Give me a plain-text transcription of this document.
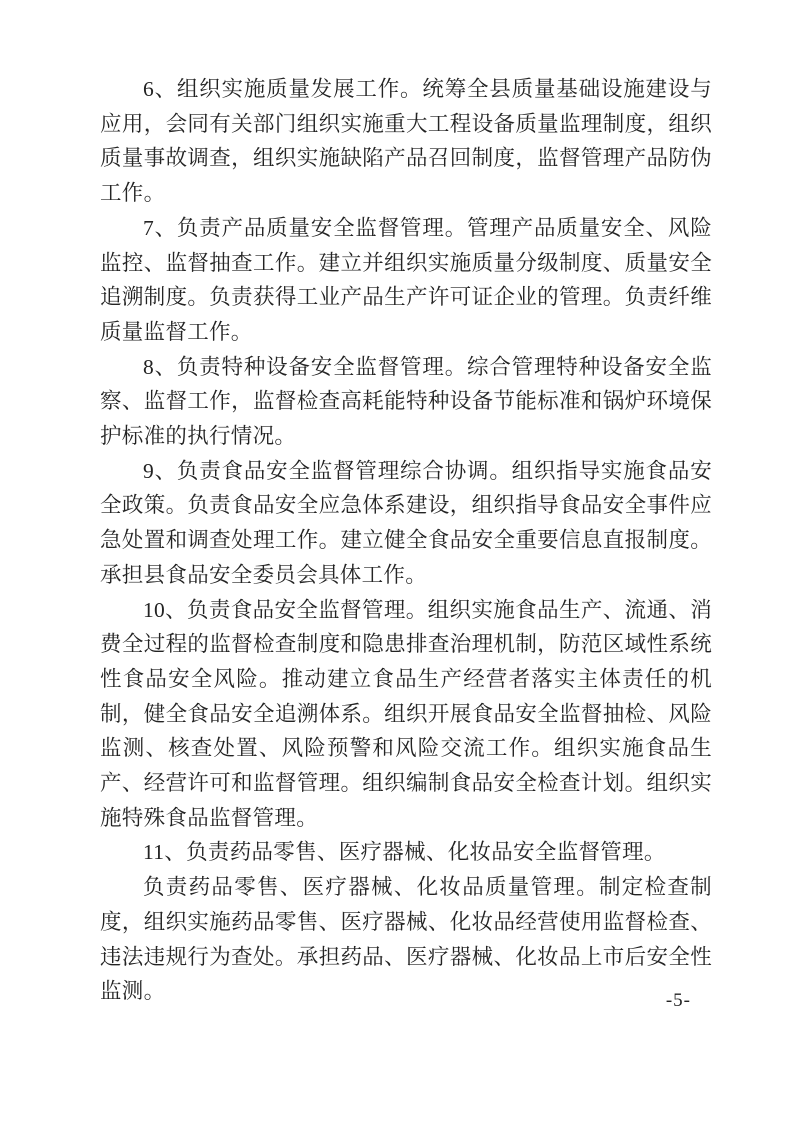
6、组织实施质量发展工作。统筹全县质量基础设施建设与应用，会同有关部门组织实施重大工程设备质量监理制度，组织质量事故调查，组织实施缺陷产品召回制度，监督管理产品防伪工作。

7、负责产品质量安全监督管理。管理产品质量安全、风险监控、监督抽查工作。建立并组织实施质量分级制度、质量安全追溯制度。负责获得工业产品生产许可证企业的管理。负责纤维质量监督工作。

8、负责特种设备安全监督管理。综合管理特种设备安全监察、监督工作，监督检查高耗能特种设备节能标准和锅炉环境保护标准的执行情况。

9、负责食品安全监督管理综合协调。组织指导实施食品安全政策。负责食品安全应急体系建设，组织指导食品安全事件应急处置和调查处理工作。建立健全食品安全重要信息直报制度。承担县食品安全委员会具体工作。

10、负责食品安全监督管理。组织实施食品生产、流通、消费全过程的监督检查制度和隐患排查治理机制，防范区域性系统性食品安全风险。推动建立食品生产经营者落实主体责任的机制，健全食品安全追溯体系。组织开展食品安全监督抽检、风险监测、核查处置、风险预警和风险交流工作。组织实施食品生产、经营许可和监督管理。组织编制食品安全检查计划。组织实施特殊食品监督管理。

11、负责药品零售、医疗器械、化妆品安全监督管理。

负责药品零售、医疗器械、化妆品质量管理。制定检查制度，组织实施药品零售、医疗器械、化妆品经营使用监督检查、违法违规行为查处。承担药品、医疗器械、化妆品上市后安全性监测。	-5-
